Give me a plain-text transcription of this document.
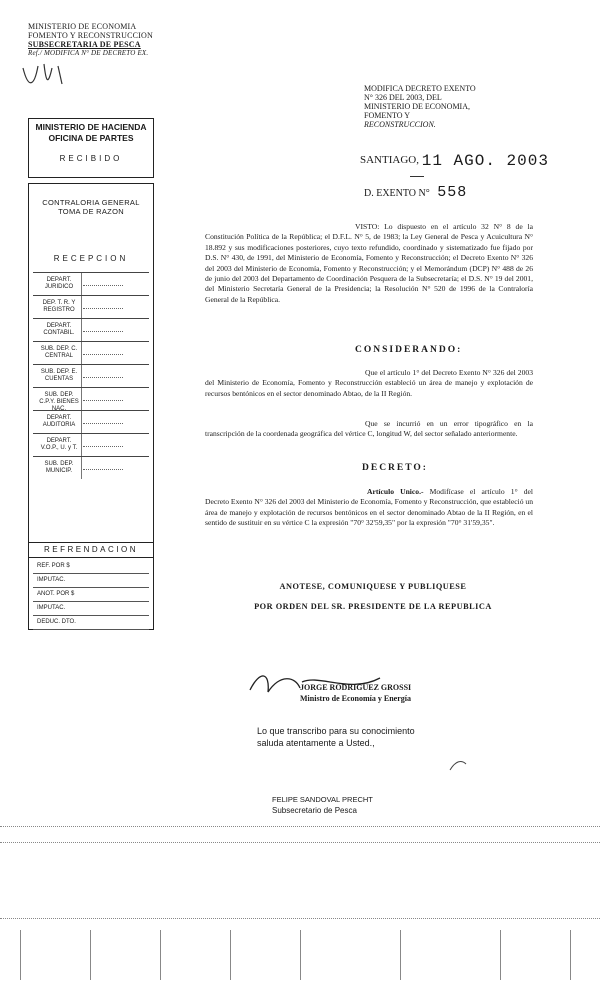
MINISTERIO DE ECONOMIA
FOMENTO Y RECONSTRUCCION
SUBSECRETARIA DE PESCA
Ref./ MODIFICA N° DE DECRETO EX.
MODIFICA DECRETO EXENTO
N° 326 DEL 2003, DEL
MINISTERIO DE ECONOMIA,
FOMENTO Y
RECONSTRUCCION.
SANTIAGO, 11 AGO. 2003
D. EXENTO N° 558
MINISTERIO DE HACIENDA
OFICINA DE PARTES
RECIBIDO
CONTRALORIA GENERAL
TOMA DE RAZON
RECEPCION
DEPART. JURIDICO
DEP. T. R. Y REGISTRO
DEPART. CONTABIL.
SUB. DEP. C. CENTRAL
SUB. DEP. E. CUENTAS
SUB. DEP. C.P.Y. BIENES NAC.
DEPART. AUDITORIA
DEPART. V.O.P., U. y T.
SUB. DEP. MUNICIP.
REFRENDACION
REF. POR $
IMPUTAC.
ANOT. POR $
IMPUTAC.
DEDUC. DTO.
VISTO: Lo dispuesto en el artículo 32 N° 8 de la Constitución Política de la República; el D.F.L. N° 5, de 1983; la Ley General de Pesca y Acuicultura N° 18.892 y sus modificaciones posteriores, cuyo texto refundido, coordinado y sistematizado fue fijado por D.S. N° 430, de 1991, del Ministerio de Economía, Fomento y Reconstrucción; el Decreto Exento N° 326 del 2003 del Ministerio de Economía, Fomento y Reconstrucción; y el Memorándum (DCP) N° 488 de 26 de junio del 2003 del Departamento de Coordinación Pesquera de la Subsecretaría; el D.S. N° 19 del 2001, del Ministerio Secretaría General de la Presidencia; la Resolución N° 520 de 1996 de la Contraloría General de la República.
CONSIDERANDO:
Que el artículo 1° del Decreto Exento N° 326 del 2003 del Ministerio de Economía, Fomento y Reconstrucción estableció un área de manejo y explotación de recursos bentónicos en el sector denominado Abtao, de la II Región.
Que se incurrió en un error tipográfico en la transcripción de la coordenada geográfica del vértice C, longitud W, del sector señalado anteriormente.
DECRETO:
Artículo Unico.- Modifícase el artículo 1° del Decreto Exento N° 326 del 2003 del Ministerio de Economía, Fomento y Reconstrucción, que estableció un área de manejo y explotación de recursos bentónicos en el sector denominado Abtao de la II Región, en el sentido de sustituir en su vértice C la expresión "70° 32'59,35" por la expresión "70° 31'59,35".
ANOTESE, COMUNIQUESE Y PUBLIQUESE
POR ORDEN DEL SR. PRESIDENTE DE LA REPUBLICA
JORGE RODRIGUEZ GROSSI
Ministro de Economía y Energía
Lo que transcribo para su conocimiento
saluda atentamente a Usted.,
FELIPE SANDOVAL PRECHT
Subsecretario de Pesca
